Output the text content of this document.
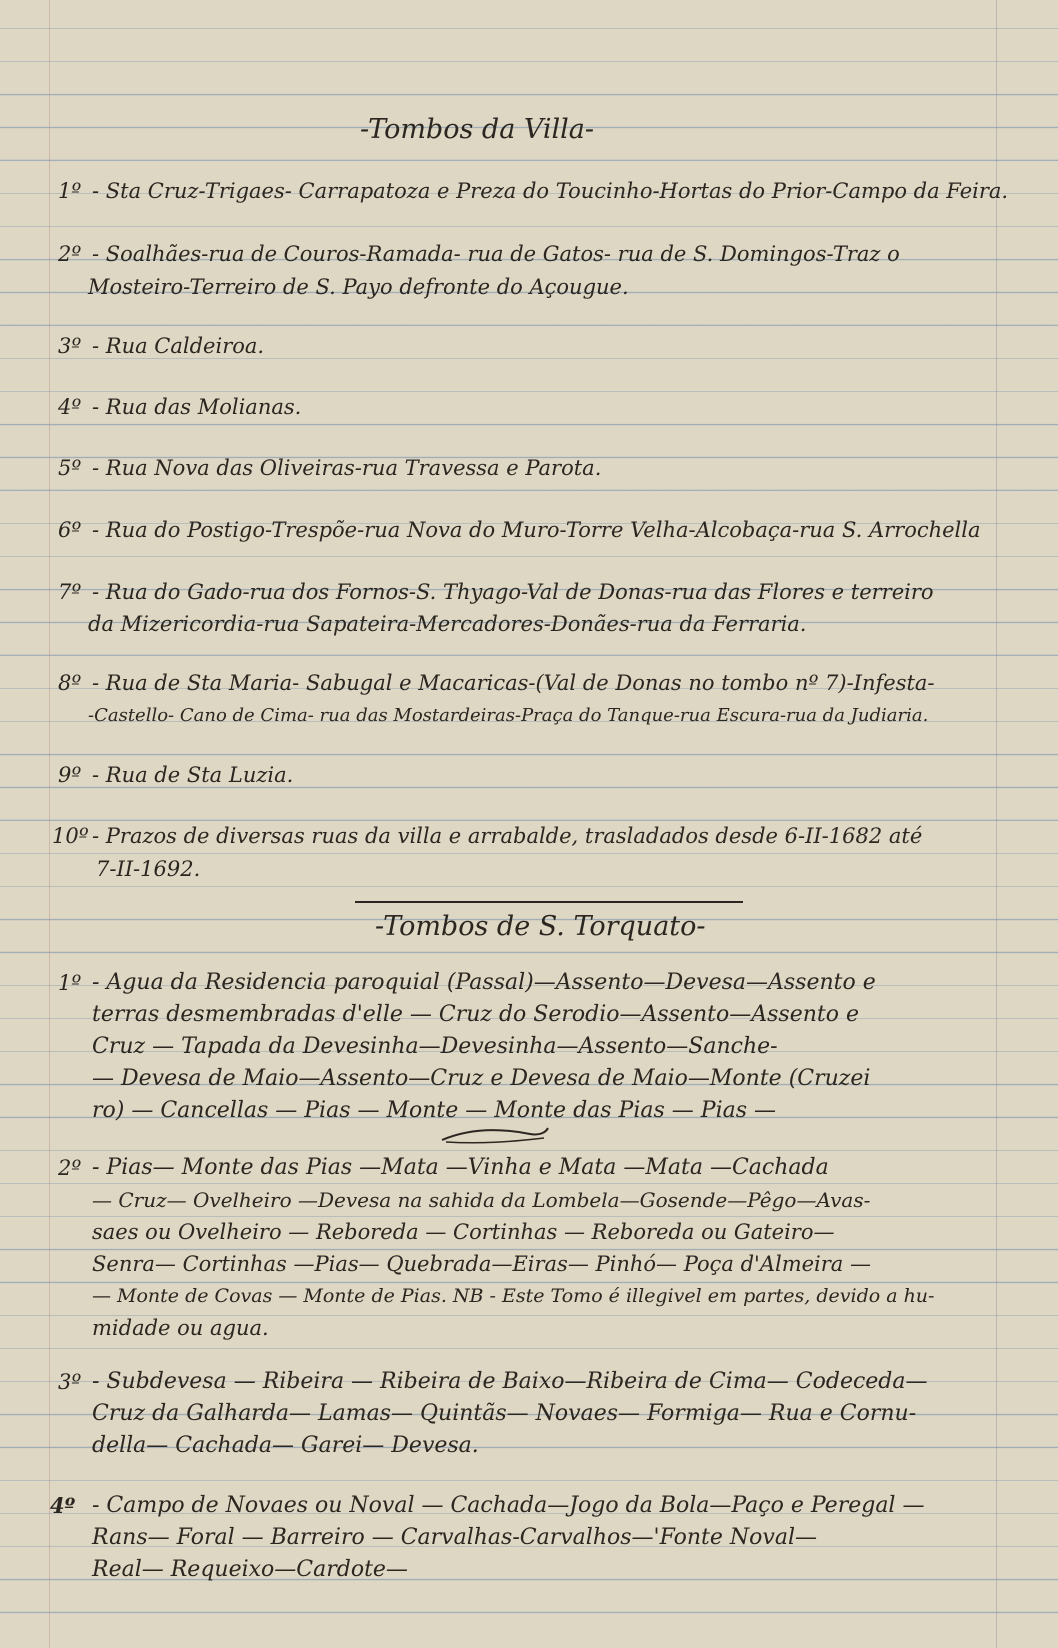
-Tombos da Villa-
1º - Sta Cruz-Trigaes- Carrapatoza e Preza do Toucinho-Hortas do Prior-Campo da Feira.
2º - Soalhães-rua de Couros-Ramada- rua de Gatos- rua de S. Domingos-Traz o
Mosteiro-Terreiro de S. Payo defronte do Açougue.
3º - Rua Caldeiroa.
4º - Rua das Molianas.
5º - Rua Nova das Oliveiras-rua Travessa e Parota.
6º - Rua do Postigo-Trespõe-rua Nova do Muro-Torre Velha-Alcobaça-rua S. Arrochella
7º - Rua do Gado-rua dos Fornos-S. Thyago-Val de Donas-rua das Flores e terreiro
da Mizericordia-rua Sapateira-Mercadores-Donães-rua da Ferraria.
8º - Rua de Sta Maria- Sabugal e Macaricas-(Val de Donas no tombo nº 7)-Infesta-
-Castello- Cano de Cima- rua das Mostardeiras-Praça do Tanque-rua Escura-rua da Judiaria.
9º - Rua de Sta Luzia.
10º - Prazos de diversas ruas da villa e arrabalde, trasladados desde 6-II-1682 até
7-II-1692.
-Tombos de S. Torquato-
1º - Agua da Residencia paroquial (Passal)—Assento—Devesa—Assento e
terras desmembradas d'elle — Cruz do Serodio—Assento—Assento e
Cruz — Tapada da Devesinha—Devesinha—Assento—Sanche-
— Devesa de Maio—Assento—Cruz e Devesa de Maio—Monte (Cruzei
ro) — Cancellas — Pias — Monte — Monte das Pias — Pias —
2º - Pias— Monte das Pias —Mata —Vinha e Mata —Mata —Cachada
— Cruz— Ovelheiro —Devesa na sahida da Lombela—Gosende—Pêgo—Avas-
saes ou Ovelheiro — Reboreda — Cortinhas — Reboreda ou Gateiro—
Senra— Cortinhas —Pias— Quebrada—Eiras— Pinhó— Poça d'Almeira —
— Monte de Covas — Monte de Pias. NB - Este Tomo é illegivel em partes, devido a hu-
midade ou agua.
3º - Subdevesa — Ribeira — Ribeira de Baixo—Ribeira de Cima— Codeceda—
Cruz da Galharda— Lamas— Quintãs— Novaes— Formiga— Rua e Cornu-
della— Cachada— Garei— Devesa.
4º - Campo de Novaes ou Noval — Cachada—Jogo da Bola—Paço e Peregal —
Rans— Foral — Barreiro — Carvalhas-Carvalhos—'Fonte Noval—
Real— Requeixo—Cardote—
